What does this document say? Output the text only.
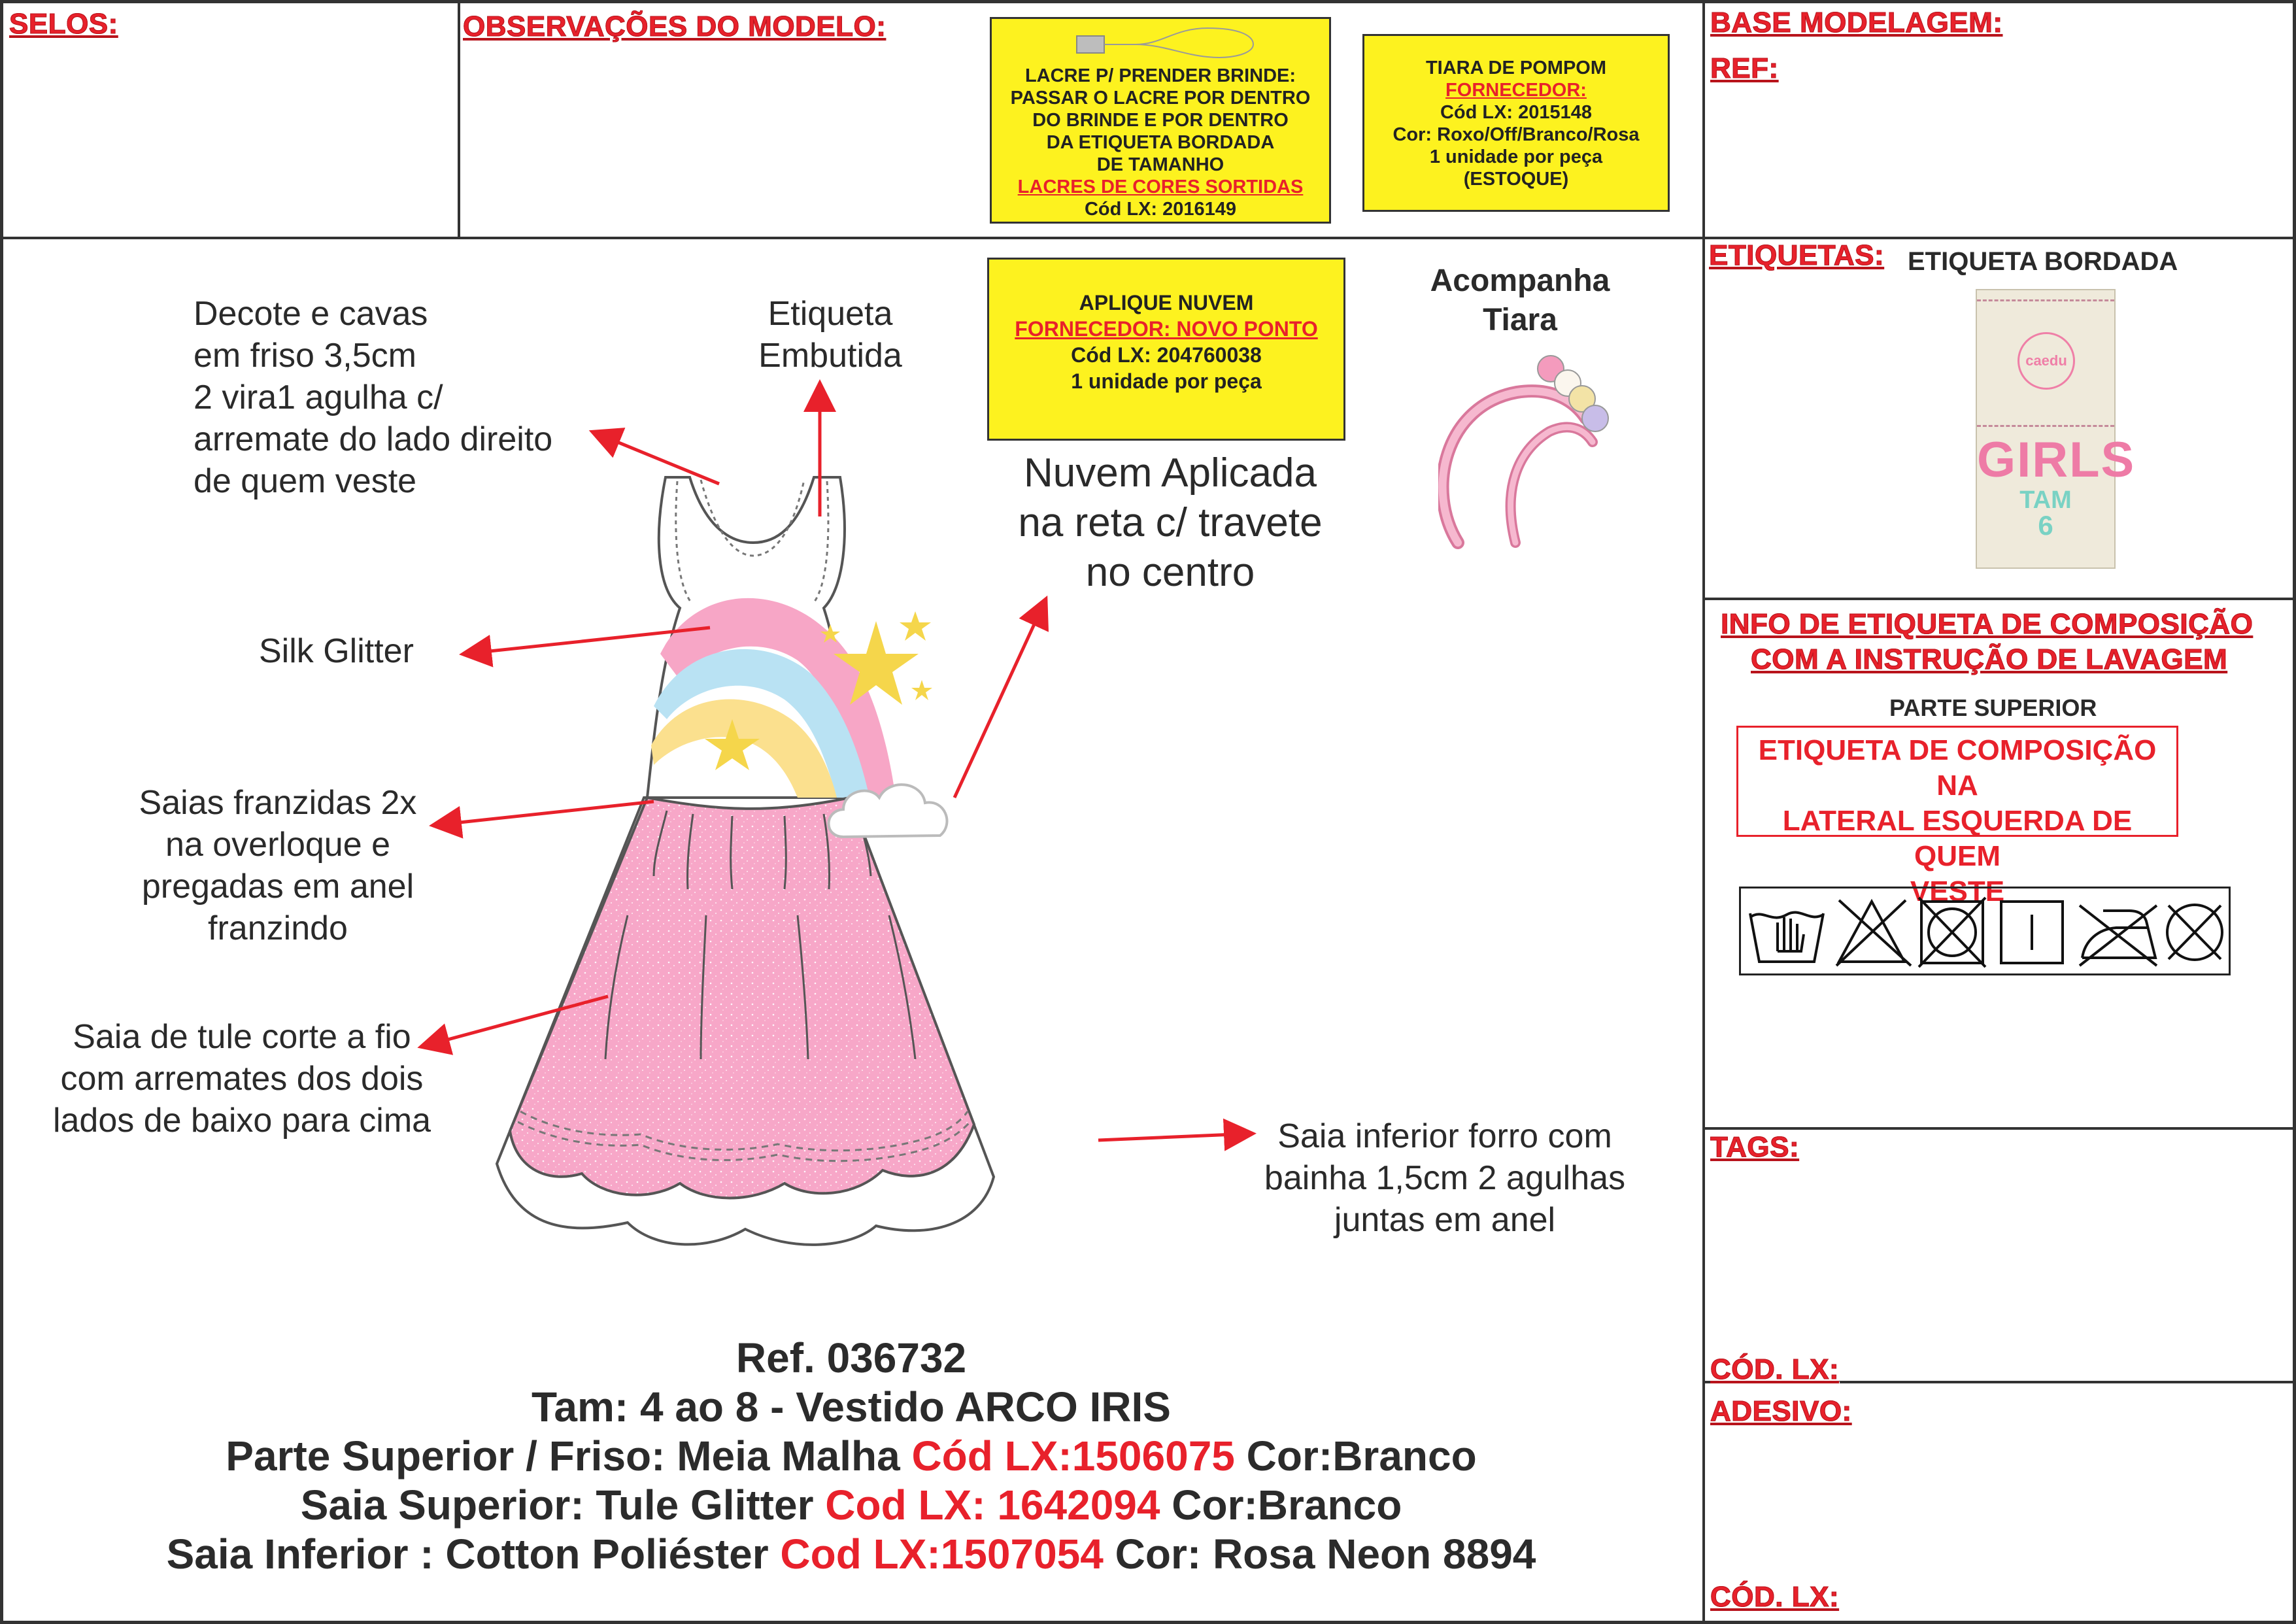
SELOS:	OBSERVAÇÕES DO MODELO:
LACRE P/ PRENDER BRINDE:
PASSAR O LACRE POR DENTRO
DO BRINDE E POR DENTRO
DA ETIQUETA BORDADA
DE TAMANHO
LACRES DE CORES SORTIDAS
Cód LX: 2016149
TIARA DE POMPOM
FORNECEDOR:
Cód LX: 2015148
Cor: Roxo/Off/Branco/Rosa
1 unidade por peça
(ESTOQUE)
BASE MODELAGEM:
REF:
ETIQUETAS: ETIQUETA BORDADA
caedu
GIRLS
TAM
6
INFO DE ETIQUETA DE COMPOSIÇÃO
COM A INSTRUÇÃO DE LAVAGEM
PARTE SUPERIOR
ETIQUETA DE COMPOSIÇÃO NA
LATERAL ESQUERDA DE QUEM
VESTE
TAGS:
CÓD. LX:
ADESIVO:
CÓD. LX:
APLIQUE NUVEM
FORNECEDOR: NOVO PONTO
Cód LX: 204760038
1 unidade por peça
Acompanha
Tiara
Decote e cavas
em friso 3,5cm
2 vira1 agulha c/
arremate do lado direito
de quem veste
Etiqueta
Embutida
Nuvem Aplicada
na reta c/ travete
no centro
Silk Glitter
Saias franzidas 2x
na overloque e
pregadas em anel
franzindo
Saia de tule corte a fio
com arremates dos dois
lados de baixo para cima	Saia inferior forro com
bainha 1,5cm 2 agulhas
juntas em anel
Ref. 036732
Tam: 4 ao 8 - Vestido ARCO IRIS
Parte Superior / Friso: Meia Malha Cód LX:1506075 Cor:Branco
Saia Superior: Tule Glitter Cod LX: 1642094 Cor:Branco
Saia Inferior : Cotton Poliéster Cod LX:1507054 Cor: Rosa Neon 8894
